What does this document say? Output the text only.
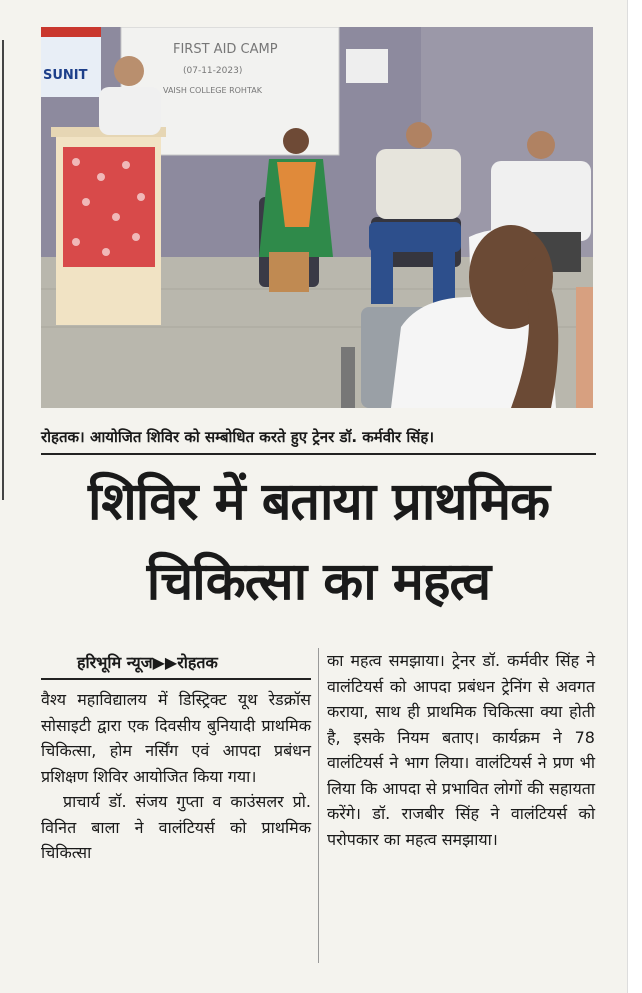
SUNIT
FIRST AID CAMP
(07-11-2023)
VAISH COLLEGE ROHTAK
रोहतक। आयोजित शिविर को सम्बोधित करते हुए ट्रेनर डॉ. कर्मवीर सिंह।
शिविर में बताया प्राथमिक
चिकित्सा का महत्व
हरिभूमि न्यूज▶▶रोहतक

वैश्य महाविद्यालय में डिस्ट्रिक्ट यूथ रेडक्रॉस सोसाइटी द्वारा एक दिवसीय बुनियादी प्राथमिक चिकित्सा, होम नर्सिंग एवं आपदा प्रबंधन प्रशिक्षण शिविर आयोजित किया गया।

प्राचार्य डॉ. संजय गुप्ता व काउंसलर प्रो. विनित बाला ने वालंटियर्स को प्राथमिक चिकित्सा

का महत्व समझाया। ट्रेनर डॉ. कर्मवीर सिंह ने वालंटियर्स को आपदा प्रबंधन ट्रेनिंग से अवगत कराया, साथ ही प्राथमिक चिकित्सा क्या होती है, इसके नियम बताए। कार्यक्रम ने 78 वालंटियर्स ने भाग लिया। वालंटियर्स ने प्रण भी लिया कि आपदा से प्रभावित लोगों की सहायता करेंगे। डॉ. राजबीर सिंह ने वालंटियर्स को परोपकार का महत्व समझाया।
